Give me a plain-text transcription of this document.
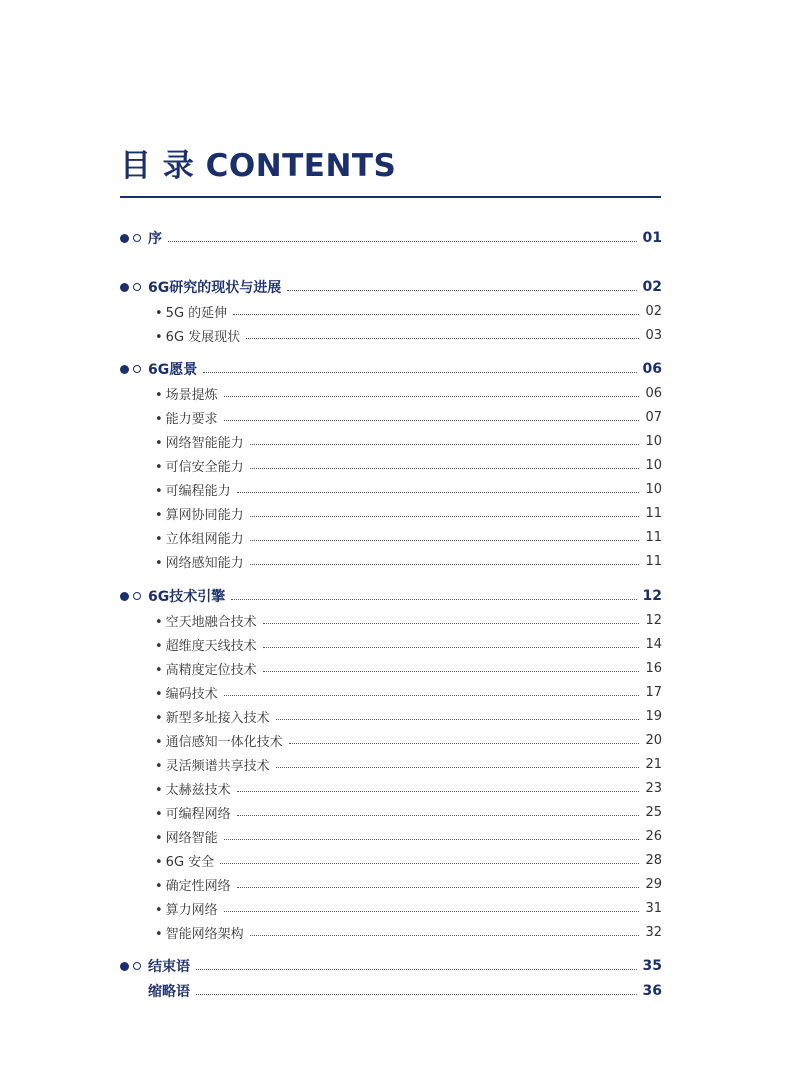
目 录 CONTENTS
序	01
6G研究的现状与进展	02
• 5G 的延伸	02
• 6G 发展现状	03
6G愿景	06
• 场景提炼	06
• 能力要求	07
• 网络智能能力	10
• 可信安全能力	10
• 可编程能力	10
• 算网协同能力	11
• 立体组网能力	11
• 网络感知能力	11
6G技术引擎	12
• 空天地融合技术	12
• 超维度天线技术	14
• 高精度定位技术	16
• 编码技术	17
• 新型多址接入技术	19
• 通信感知一体化技术	20
• 灵活频谱共享技术	21
• 太赫兹技术	23
• 可编程网络	25
• 网络智能	26
• 6G 安全	28
• 确定性网络	29
• 算力网络	31
• 智能网络架构	32
结束语	35
缩略语	36
